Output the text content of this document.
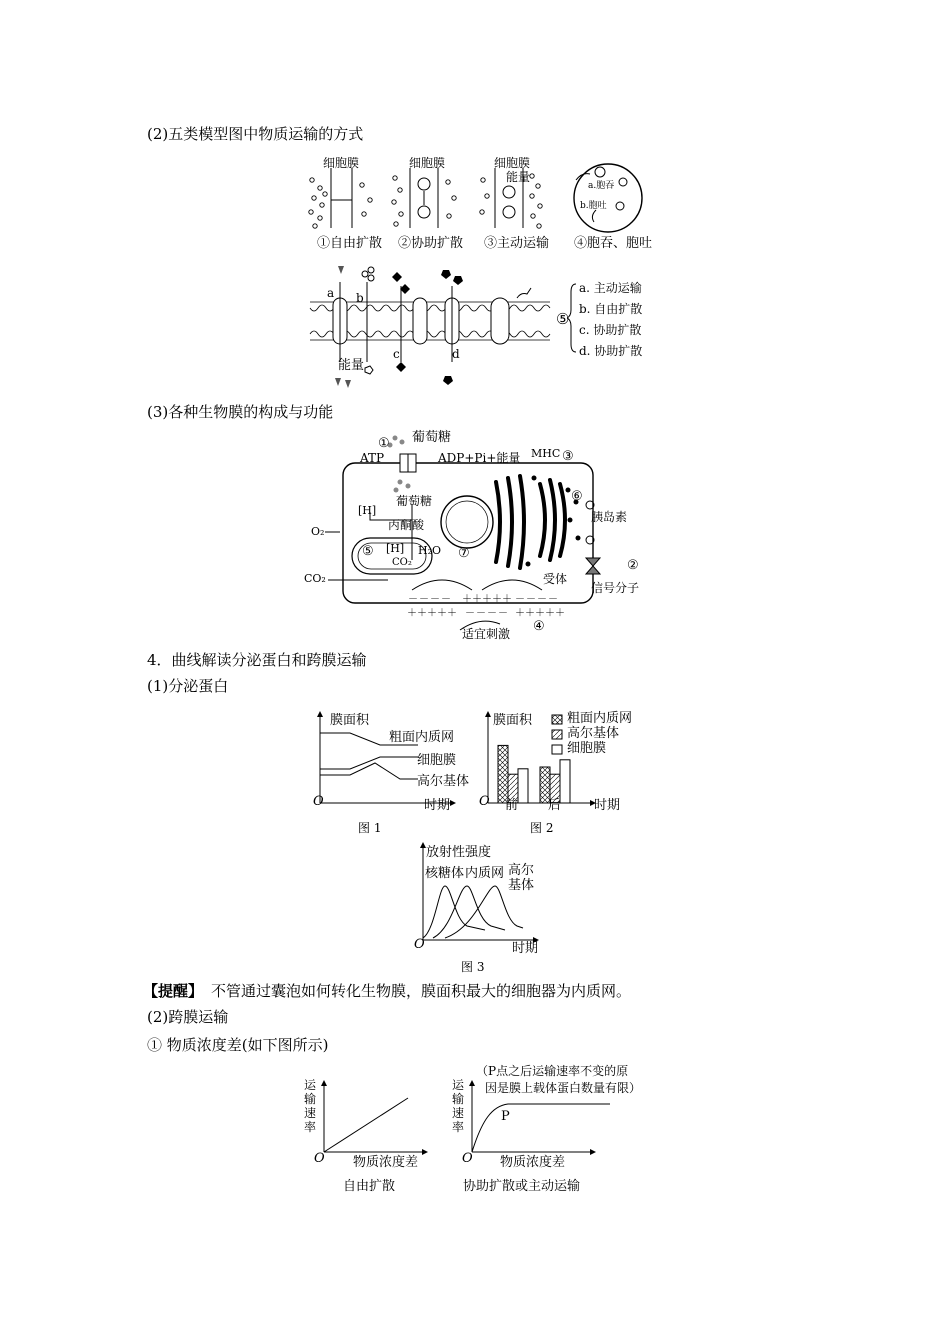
(2)五类模型图中物质运输的方式
细胞膜	细胞膜	细胞膜
能量
a.胞吞
b.胞吐
①自由扩散 ②协助扩散 ③主动运输 ④胞吞、胞吐
a b
c	d
能量
⑤
a. 主动运输
b. 自由扩散
c. 协助扩散
d. 协助扩散
(3)各种生物膜的构成与功能
① 葡萄糖
ATP	ADP+Pi+能量 MHC ③
葡萄糖
[H]
丙酮酸
O₂
⑤ [H] H₂O
CO₂
CO₂
⑦
⑥
胰岛素
②
受体
信号分子
－－－－ ＋＋＋＋＋ －－－－
＋＋＋＋＋ －－－－ ＋＋＋＋＋
适宜刺激 ④
4．曲线解读分泌蛋白和跨膜运输
(1)分泌蛋白
膜面积
粗面内质网
细胞膜
高尔基体
O	时期
图 1
膜面积	粗面内质网
高尔基体
细胞膜
O 前 后	时期
图 2
放射性强度
核糖体 内质网 高尔
基体
O	时期
图 3
【提醒】 不管通过囊泡如何转化生物膜，膜面积最大的细胞器为内质网。
(2)跨膜运输
① 物质浓度差(如下图所示)
运输速率
O 物质浓度差
自由扩散
（P点之后运输速率不变的原
因是膜上载体蛋白数量有限）
运输速率
P
O 物质浓度差
协助扩散或主动运输
